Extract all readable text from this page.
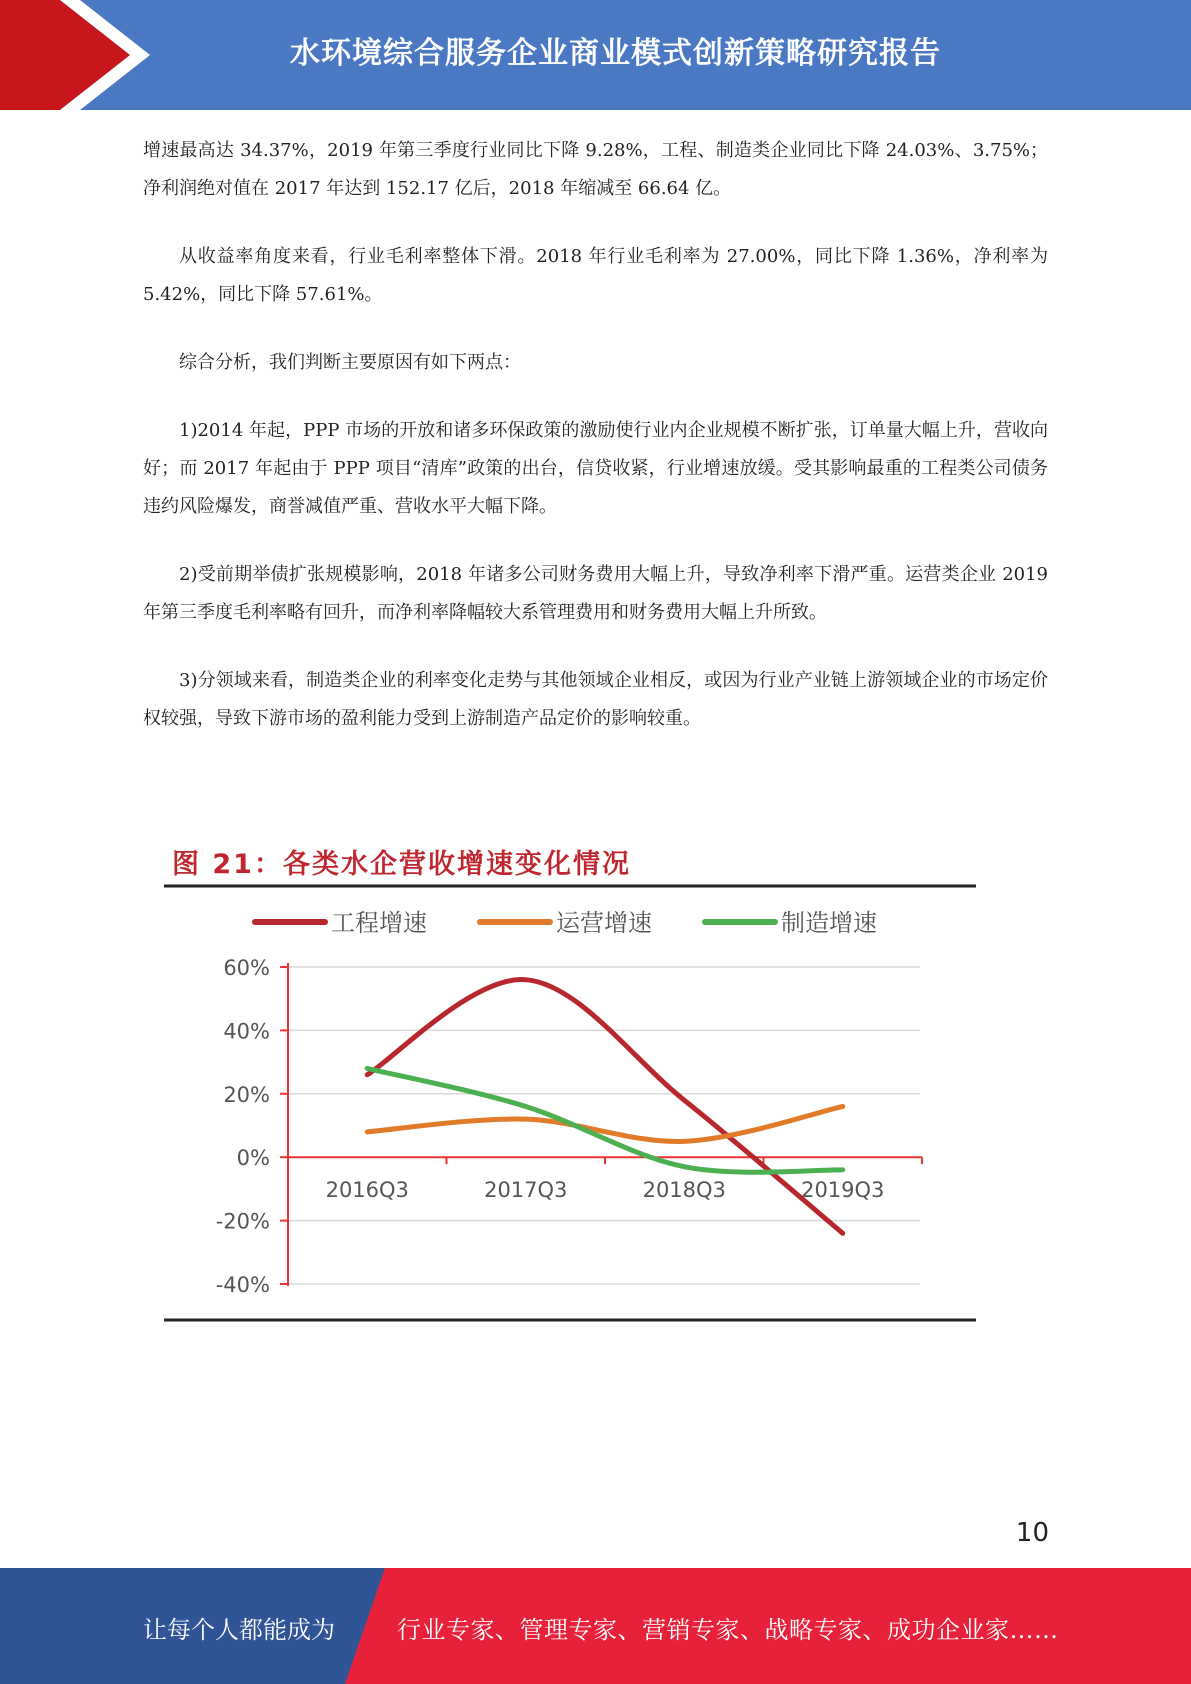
水环境综合服务企业商业模式创新策略研究报告

增速最高达 34.37%，2019 年第三季度行业同比下降 9.28%，工程、制造类企业同比下降 24.03%、3.75%；净利润绝对值在 2017 年达到 152.17 亿后，2018 年缩减至 66.64 亿。

从收益率角度来看，行业毛利率整体下滑。2018 年行业毛利率为 27.00%，同比下降 1.36%，净利率为 5.42%，同比下降 57.61%。

综合分析，我们判断主要原因有如下两点：

1)2014 年起，PPP 市场的开放和诸多环保政策的激励使行业内企业规模不断扩张，订单量大幅上升，营收向好；而 2017 年起由于 PPP 项目“清库”政策的出台，信贷收紧，行业增速放缓。受其影响最重的工程类公司债务违约风险爆发，商誉减值严重、营收水平大幅下降。

2)受前期举债扩张规模影响，2018 年诸多公司财务费用大幅上升，导致净利率下滑严重。运营类企业 2019 年第三季度毛利率略有回升，而净利率降幅较大系管理费用和财务费用大幅上升所致。

3)分领域来看，制造类企业的利率变化走势与其他领域企业相反，或因为行业产业链上游领域企业的市场定价权较强，导致下游市场的盈利能力受到上游制造产品定价的影响较重。

图 21：各类水企营收增速变化情况
工程增速	运营增速	制造增速
60%
40%
20%
0%
-20%
-40%
2016Q3	2017Q3	2018Q3	2019Q3
10
让每个人都能成为	行业专家、管理专家、营销专家、战略专家、成功企业家……
